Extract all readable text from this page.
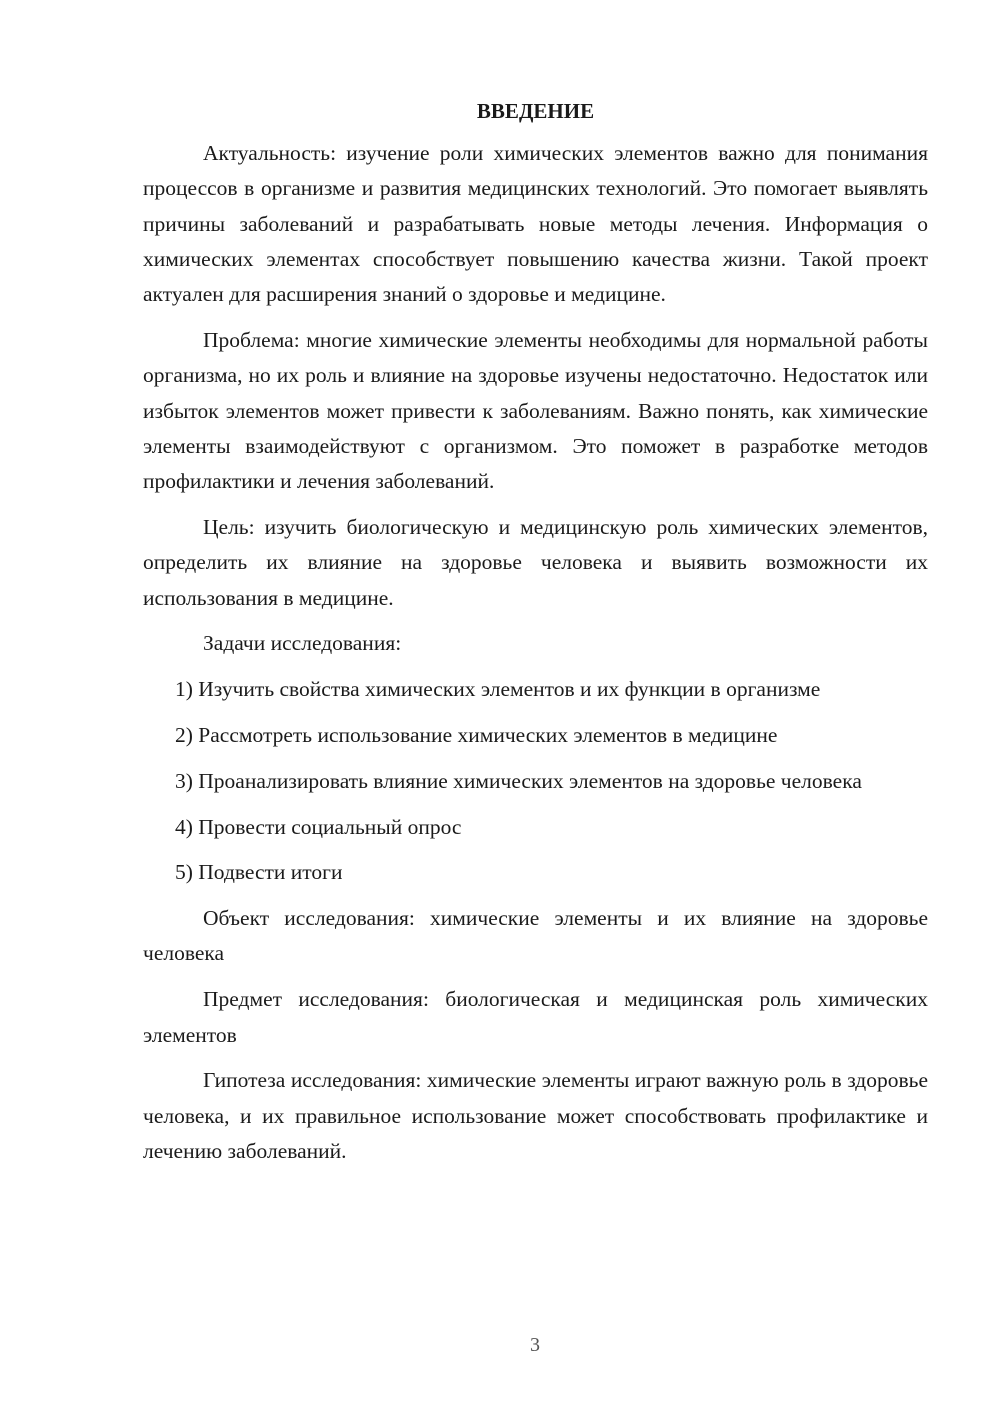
ВВЕДЕНИЕ

Актуальность: изучение роли химических элементов важно для понимания процессов в организме и развития медицинских технологий. Это помогает выявлять причины заболеваний и разрабатывать новые методы лечения. Информация о химических элементах способствует повышению качества жизни. Такой проект актуален для расширения знаний о здоровье и медицине.

Проблема: многие химические элементы необходимы для нормальной работы организма, но их роль и влияние на здоровье изучены недостаточно. Недостаток или избыток элементов может привести к заболеваниям. Важно понять, как химические элементы взаимодействуют с организмом. Это поможет в разработке методов профилактики и лечения заболеваний.

Цель: изучить биологическую и медицинскую роль химических элементов, определить их влияние на здоровье человека и выявить возможности их использования в медицине.

Задачи исследования:

1) Изучить свойства химических элементов и их функции в организме

2) Рассмотреть использование химических элементов в медицине

3) Проанализировать влияние химических элементов на здоровье человека

4) Провести социальный опрос

5) Подвести итоги

Объект исследования: химические элементы и их влияние на здоровье человека

Предмет исследования: биологическая и медицинская роль химических элементов

Гипотеза исследования: химические элементы играют важную роль в здоровье человека, и их правильное использование может способствовать профилактике и лечению заболеваний.

3
